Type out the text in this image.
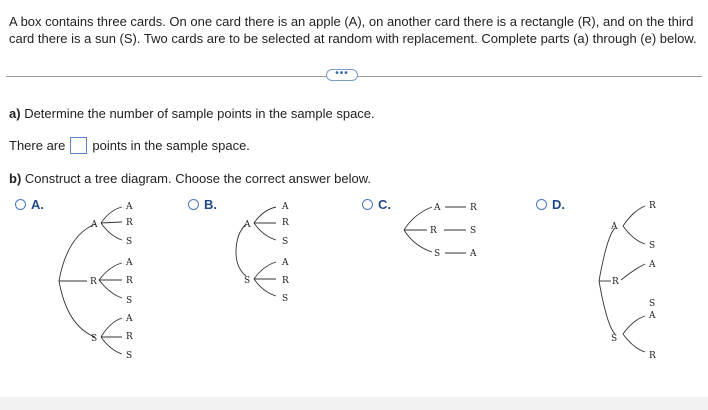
A box contains three cards. On one card there is an apple (A), on another card there is a rectangle (R), and on the third card there is a sun (S). Two cards are to be selected at random with replacement. Complete parts (a) through (e) below.
•••
a) Determine the number of sample points in the sample space.
There are points in the sample space.
b) Construct a tree diagram. Choose the correct answer below.
A.	B.	C.	D.
A
R
S
A
R
S
A
R
S
A
R
S
A
S
A
R
S
A
R
S
A
R
S
R
S
A
A
R
S
R
S
A
S
A
R
